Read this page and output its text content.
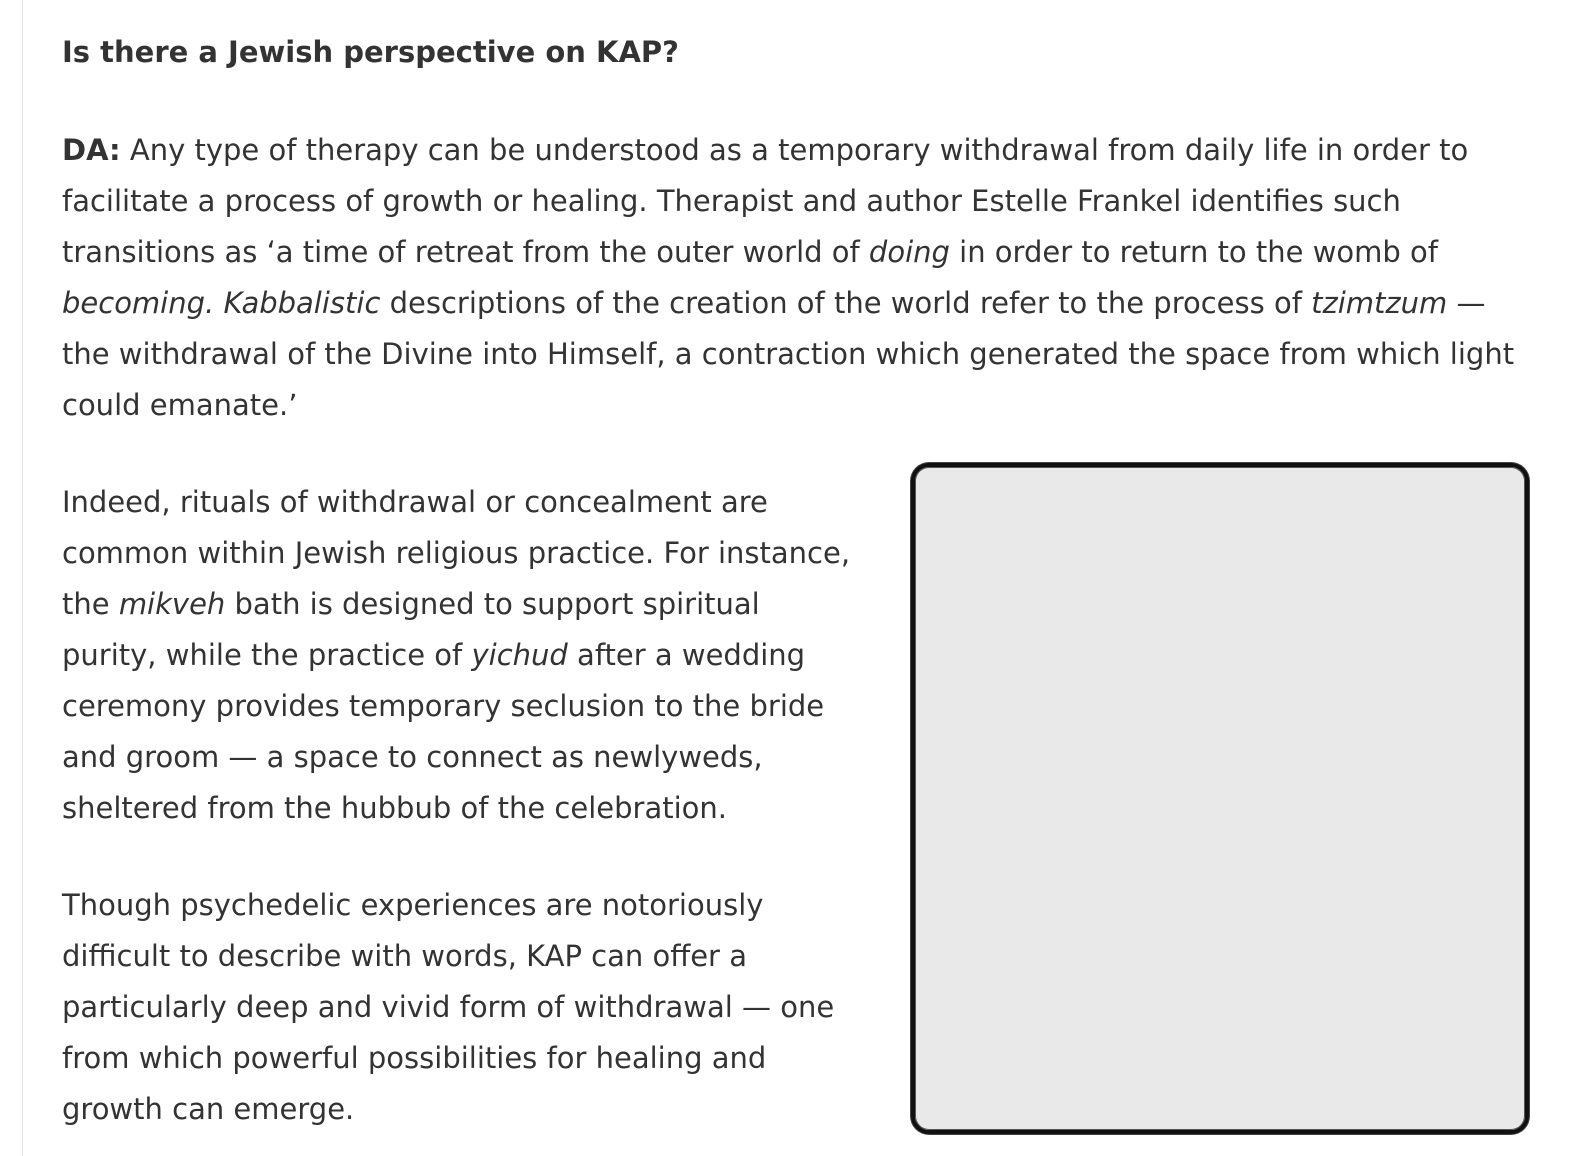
Is there a Jewish perspective on KAP?

DA: Any type of therapy can be understood as a temporary withdrawal from daily life in order to facilitate a process of growth or healing. Therapist and author Estelle Frankel identifies such transitions as ‘a time of retreat from the outer world of doing in order to return to the womb of becoming. Kabbalistic descriptions of the creation of the world refer to the process of tzimtzum — the withdrawal of the Divine into Himself, a contraction which generated the space from which light could emanate.’

Indeed, rituals of withdrawal or concealment are common within Jewish religious practice. For instance, the mikveh bath is designed to support spiritual purity, while the practice of yichud after a wedding ceremony provides temporary seclusion to the bride and groom — a space to connect as newlyweds, sheltered from the hubbub of the celebration.

Though psychedelic experiences are notoriously difficult to describe with words, KAP can offer a particularly deep and vivid form of withdrawal — one from which powerful possibilities for healing and growth can emerge.
